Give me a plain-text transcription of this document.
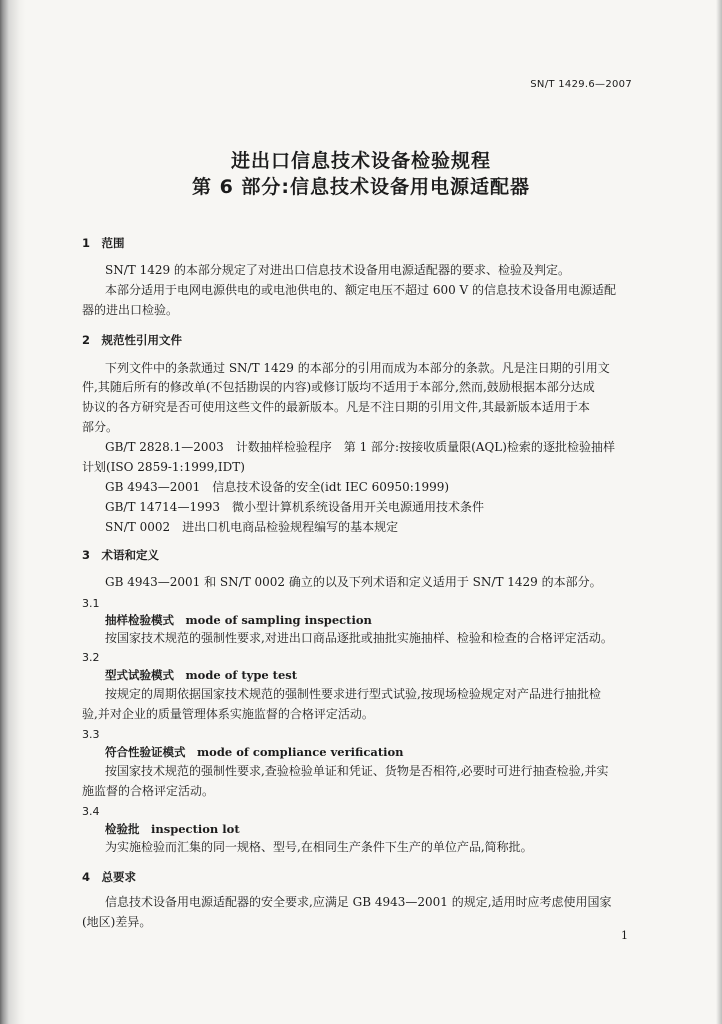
SN/T 1429.6—2007
进出口信息技术设备检验规程
第 6 部分:信息技术设备用电源适配器
1　范围
SN/T 1429 的本部分规定了对进出口信息技术设备用电源适配器的要求、检验及判定。
本部分适用于电网电源供电的或电池供电的、额定电压不超过 600 V 的信息技术设备用电源适配
器的进出口检验。
2　规范性引用文件
下列文件中的条款通过 SN/T 1429 的本部分的引用而成为本部分的条款。凡是注日期的引用文
件,其随后所有的修改单(不包括勘误的内容)或修订版均不适用于本部分,然而,鼓励根据本部分达成
协议的各方研究是否可使用这些文件的最新版本。凡是不注日期的引用文件,其最新版本适用于本
部分。
GB/T 2828.1—2003　计数抽样检验程序　第 1 部分:按接收质量限(AQL)检索的逐批检验抽样
计划(ISO 2859-1:1999,IDT)
GB 4943—2001　信息技术设备的安全(idt IEC 60950:1999)
GB/T 14714—1993　微小型计算机系统设备用开关电源通用技术条件
SN/T 0002　进出口机电商品检验规程编写的基本规定
3　术语和定义
GB 4943—2001 和 SN/T 0002 确立的以及下列术语和定义适用于 SN/T 1429 的本部分。
3.1
抽样检验模式　mode of sampling inspection
按国家技术规范的强制性要求,对进出口商品逐批或抽批实施抽样、检验和检查的合格评定活动。
3.2
型式试验模式　mode of type test
按规定的周期依据国家技术规范的强制性要求进行型式试验,按现场检验规定对产品进行抽批检
验,并对企业的质量管理体系实施监督的合格评定活动。
3.3
符合性验证模式　mode of compliance verification
按国家技术规范的强制性要求,查验检验单证和凭证、货物是否相符,必要时可进行抽查检验,并实
施监督的合格评定活动。
3.4
检验批　inspection lot
为实施检验而汇集的同一规格、型号,在相同生产条件下生产的单位产品,简称批。
4　总要求
信息技术设备用电源适配器的安全要求,应满足 GB 4943—2001 的规定,适用时应考虑使用国家
(地区)差异。
1
